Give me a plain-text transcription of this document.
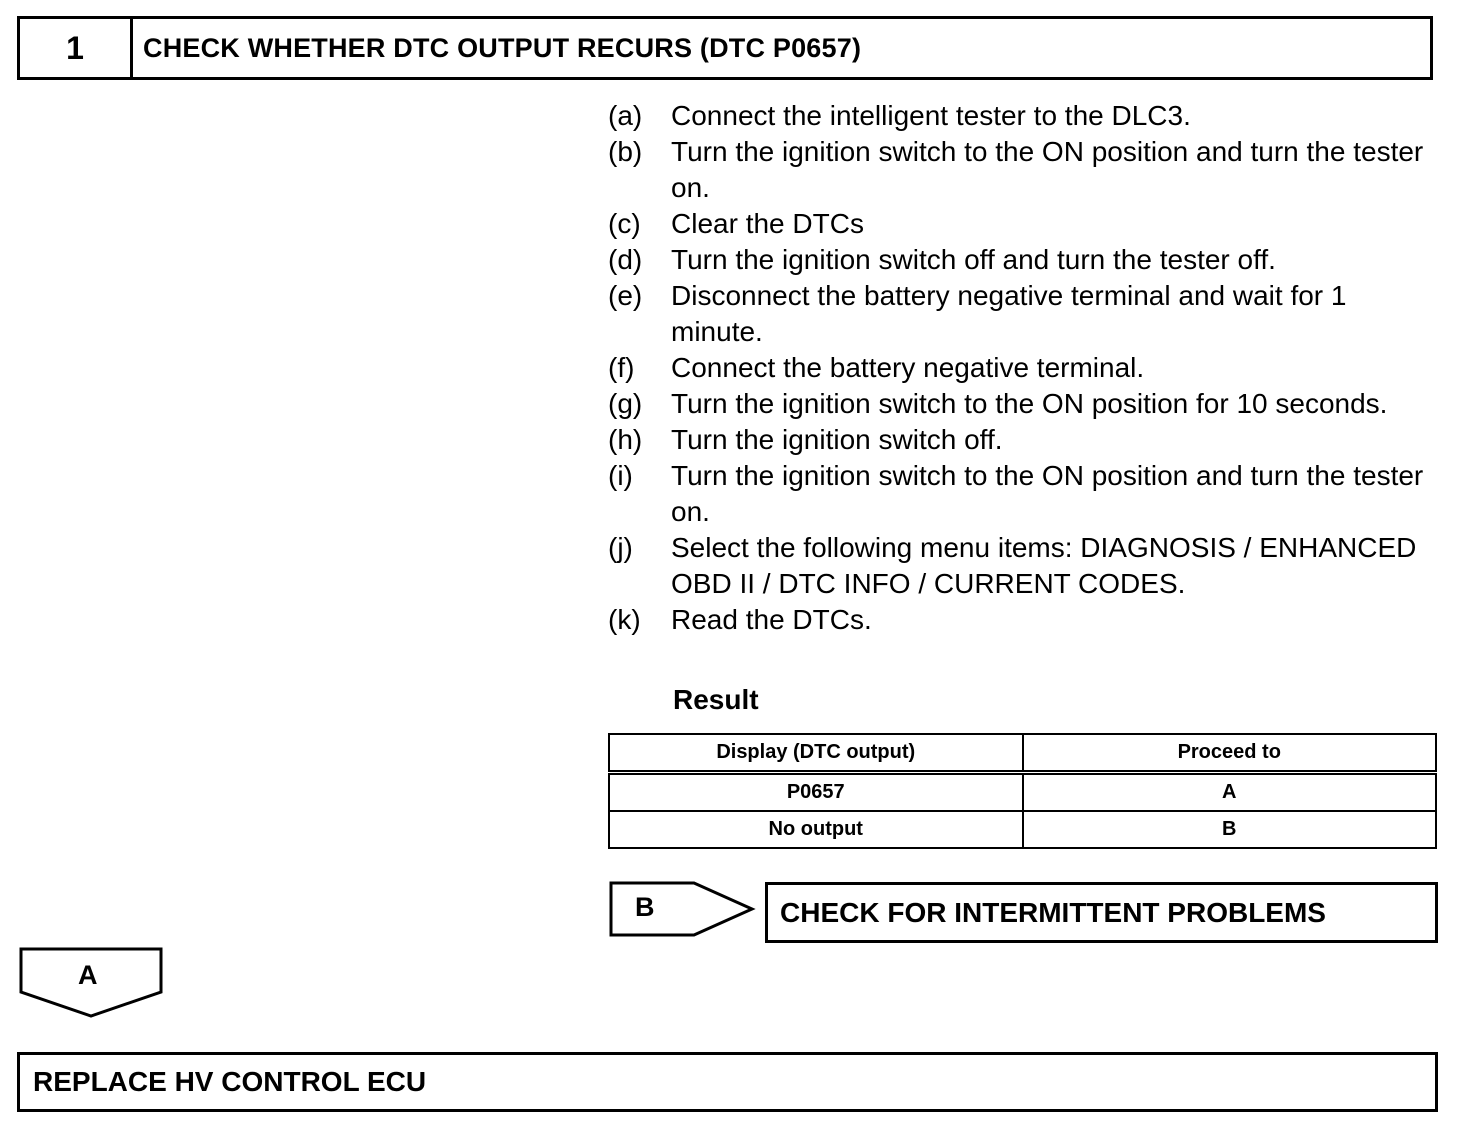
1	CHECK WHETHER DTC OUTPUT RECURS (DTC P0657)
(a)	Connect the intelligent tester to the DLC3.
(b)	Turn the ignition switch to the ON position and turn the tester on.
(c)	Clear the DTCs
(d)	Turn the ignition switch off and turn the tester off.
(e)	Disconnect the battery negative terminal and wait for 1 minute.
(f)	Connect the battery negative terminal.
(g)	Turn the ignition switch to the ON position for 10 seconds.
(h)	Turn the ignition switch off.
(i)	Turn the ignition switch to the ON position and turn the tester on.
(j)	Select the following menu items: DIAGNOSIS / ENHANCED OBD II / DTC INFO / CURRENT CODES.
(k)	Read the DTCs.
Result
Display (DTC output)	Proceed to
P0657	A
No output	B
B	CHECK FOR INTERMITTENT PROBLEMS
A
REPLACE HV CONTROL ECU
